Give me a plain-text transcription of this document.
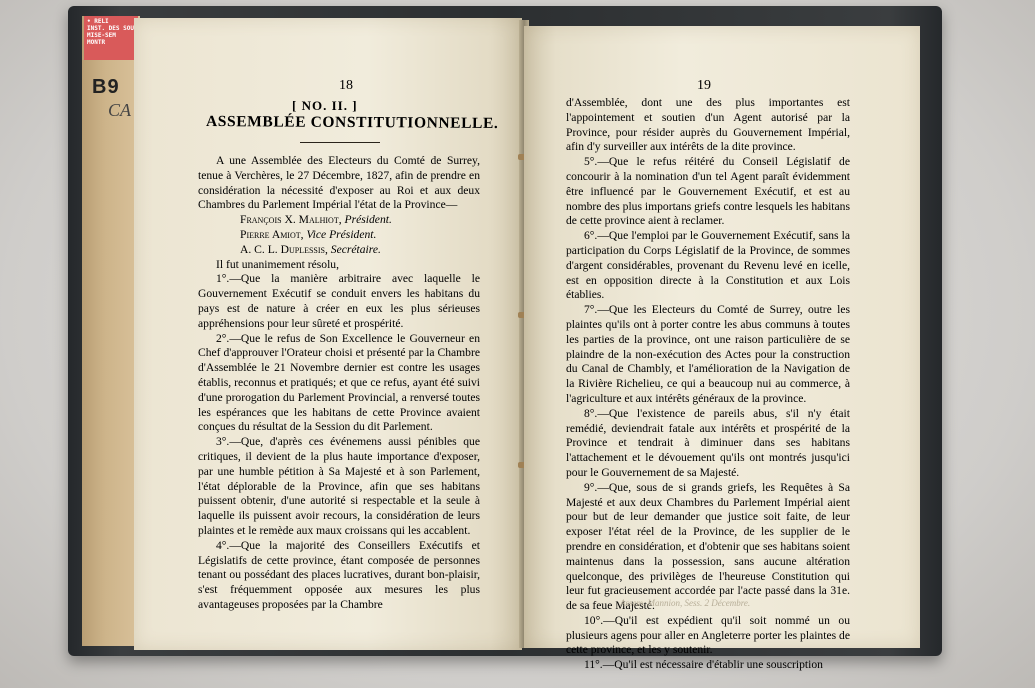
• RELI
INST. DES SOU
MISE-SEM
MONTR
B9
CA
18
[ NO. II. ]
ASSEMBLÉE CONSTITUTIONNELLE.

A une Assemblée des Electeurs du Comté de Surrey, tenue à Verchères, le 27 Décembre, 1827, afin de prendre en considération la nécessité d'exposer au Roi et aux deux Chambres du Parlement Impérial l'état de la Province—

François X. Malhiot, Président.

Pierre Amiot, Vice Président.

A. C. L. Duplessis, Secrétaire.

Il fut unanimement résolu,

1°.—Que la manière arbitraire avec laquelle le Gouvernement Exécutif se conduit envers les habitans du pays est de nature à créer en eux les plus sérieuses appréhensions pour leur sûreté et prospérité.

2°.—Que le refus de Son Excellence le Gouverneur en Chef d'approuver l'Orateur choisi et présenté par la Chambre d'Assemblée le 21 Novembre dernier est contre les usages établis, reconnus et pratiqués; et que ce refus, ayant été suivi d'une prorogation du Parlement Provincial, a renversé toutes les espérances que les habitans de cette Province avaient conçues du résultat de la Session du dit Parlement.

3°.—Que, d'après ces événemens aussi pénibles que critiques, il devient de la plus haute importance d'exposer, par une humble pétition à Sa Majesté et à son Parlement, l'état déplorable de la Province, afin que ses habitans puissent obtenir, d'une autorité si respectable et la seule à laquelle ils puissent avoir recours, la considération de leurs plaintes et le remède aux maux croissans qui les accablent.

4°.—Que la majorité des Conseillers Exécutifs et Législatifs de cette province, étant composée de personnes tenant ou possédant des places lucratives, durant bon-plaisir, s'est fréquemment opposée aux mesures les plus avantageuses proposées par la Chambre

19

d'Assemblée, dont une des plus importantes est l'appointement et soutien d'un Agent autorisé par la Province, pour résider auprès du Gouvernement Impérial, afin d'y surveiller aux intérêts de la dite province.

5°.—Que le refus réitéré du Conseil Législatif de concourir à la nomination d'un tel Agent paraît évidemment être influencé par le Gouvernement Exécutif, et est au nombre des plus importans griefs contre lesquels les habitans de cette province aient à reclamer.

6°.—Que l'emploi par le Gouvernement Exécutif, sans la participation du Corps Législatif de la Province, de sommes d'argent considérables, provenant du Revenu levé en icelle, est en opposition directe à la Constitution et aux Lois établies.

7°.—Que les Electeurs du Comté de Surrey, outre les plaintes qu'ils ont à porter contre les abus communs à toutes les parties de la province, ont une raison particulière de se plaindre de la non-exécution des Actes pour la construction du Canal de Chambly, et l'amélioration de la Navigation de la Rivière Richelieu, ce qui a beaucoup nui au commerce, à l'agriculture et aux intérêts généraux de la province.

8°.—Que l'existence de pareils abus, s'il n'y était remédié, deviendrait fatale aux intérêts et prospérité de la Province et tendrait à diminuer dans ses habitans l'attachement et le dévouement qu'ils ont montrés jusqu'ici pour le Gouvernement de sa Majesté.

9°.—Que, sous de si grands griefs, les Requêtes à Sa Majesté et aux deux Chambres du Parlement Impérial aient pour but de leur demander que justice soit faite, de leur exposer l'état réel de la Province, de les supplier de le prendre en considération, et d'obtenir que ses habitans soient maintenus dans la possession, sans aucune altération quelconque, des privilèges de l'heureuse Constitution qui leur fut gracieusement accordée par l'acte passé dans la 31e. de sa feue Majesté.

10°.—Qu'il est expédient qu'il soit nommé un ou plusieurs agens pour aller en Angleterre porter les plaintes de cette province, et les y soutenir.

11°.—Qu'il est nécessaire d'établir une souscription

Assem. Mannion, Sess. 2 Décembre.
